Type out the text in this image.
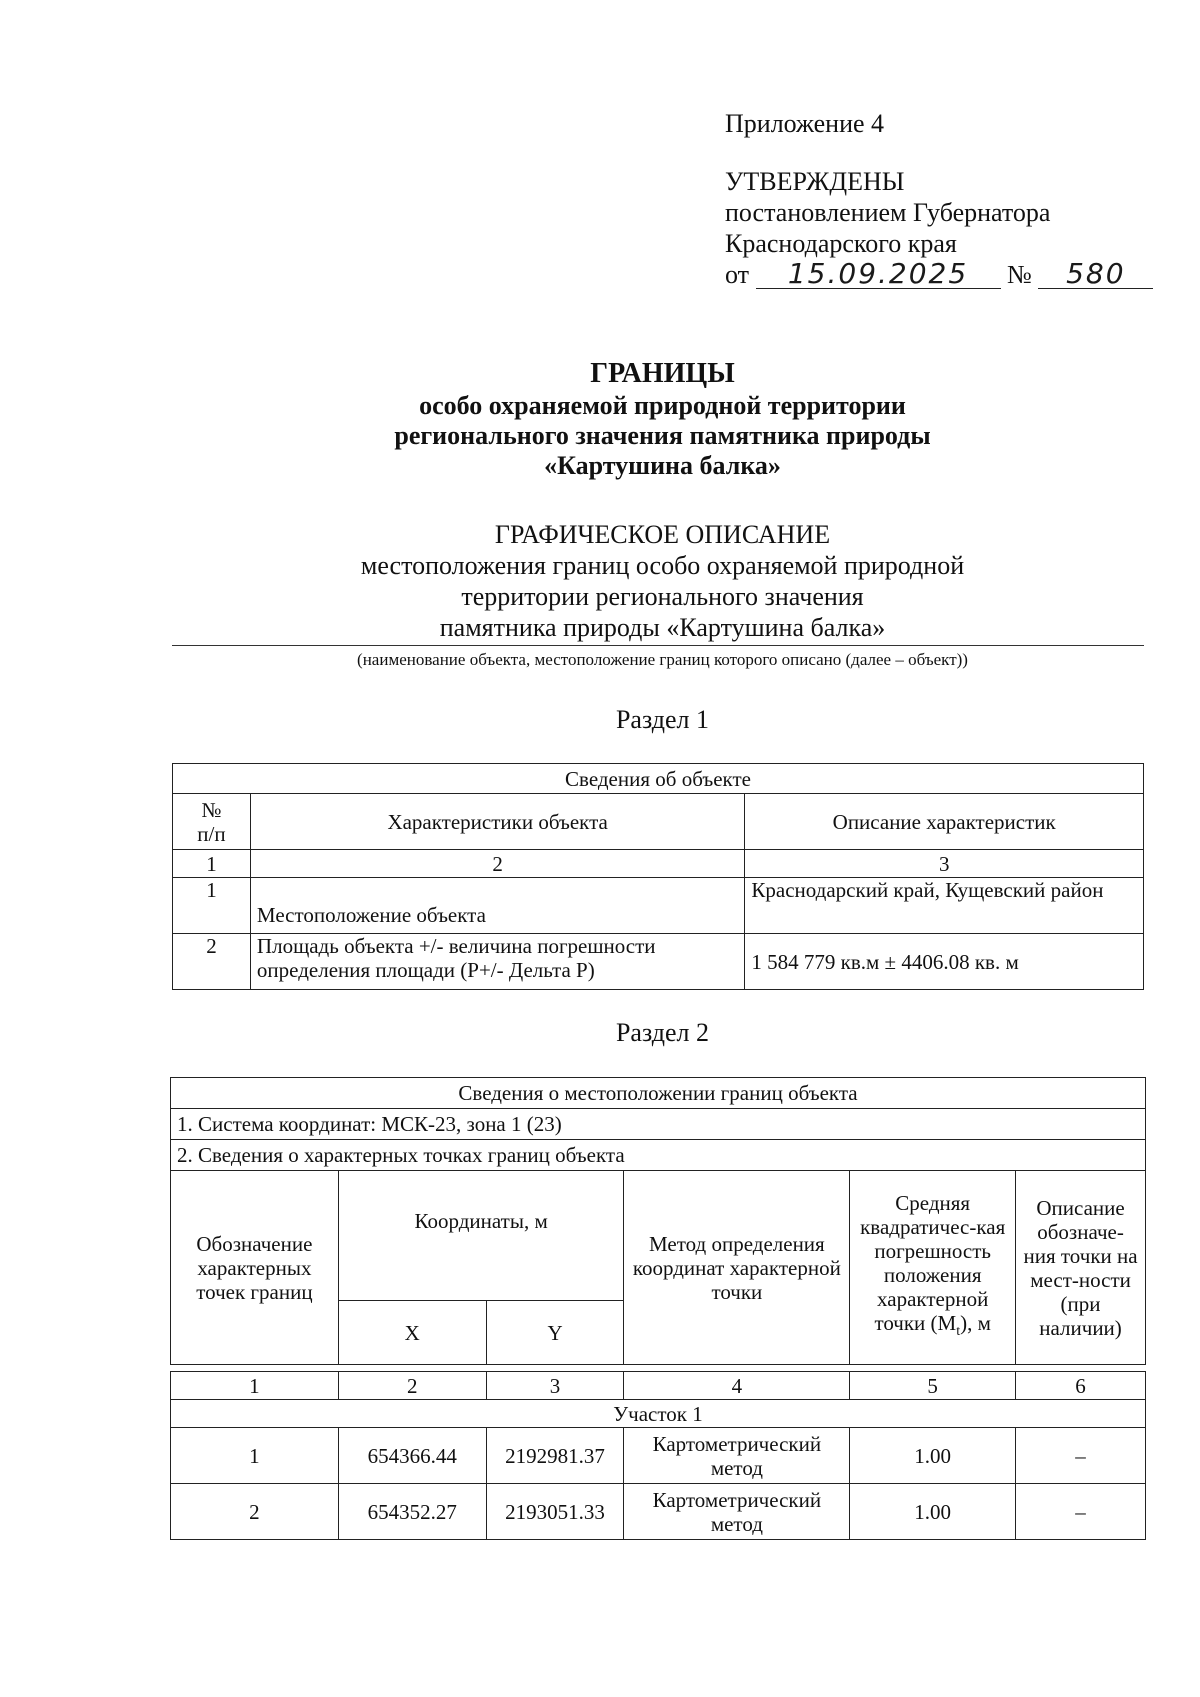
Приложение 4
УТВЕРЖДЕНЫ
постановлением Губернатора
Краснодарского края
от 15.09.2025 № 580
ГРАНИЦЫ
особо охраняемой природной территории
регионального значения памятника природы
«Картушина балка»
ГРАФИЧЕСКОЕ ОПИСАНИЕ
местоположения границ особо охраняемой природной
территории регионального значения
памятника природы «Картушина балка»
(наименование объекта, местоположение границ которого описано (далее – объект))
Раздел 1
Сведения об объекте		
№
п/п	Характеристики объекта	Описание характеристик
1	2	3
1	Местоположение объекта	Краснодарский край, Кущевский район
2	Площадь объекта +/- величина погрешности определения площади (Р+/- Дельта Р)	1 584 779 кв.м ± 4406.08 кв. м
Раздел 2
Сведения о местоположении границ объекта					
1. Система координат: МСК-23, зона 1 (23)					
2. Сведения о характерных точках границ объекта					
Обозначение характерных точек границ	Координаты, м		Метод определения координат характерной точки	Средняя квадратичес-кая погрешность положения характерной точки $(M_t)$, м	Описание обозначе-ния точки на мест-ности (при наличии)
	X	Y			

1	2	3	4	5	6
Участок 1					
1	654366.44	2192981.37	Картометрический метод	1.00	–
2	654352.27	2193051.33	Картометрический метод	1.00	–
